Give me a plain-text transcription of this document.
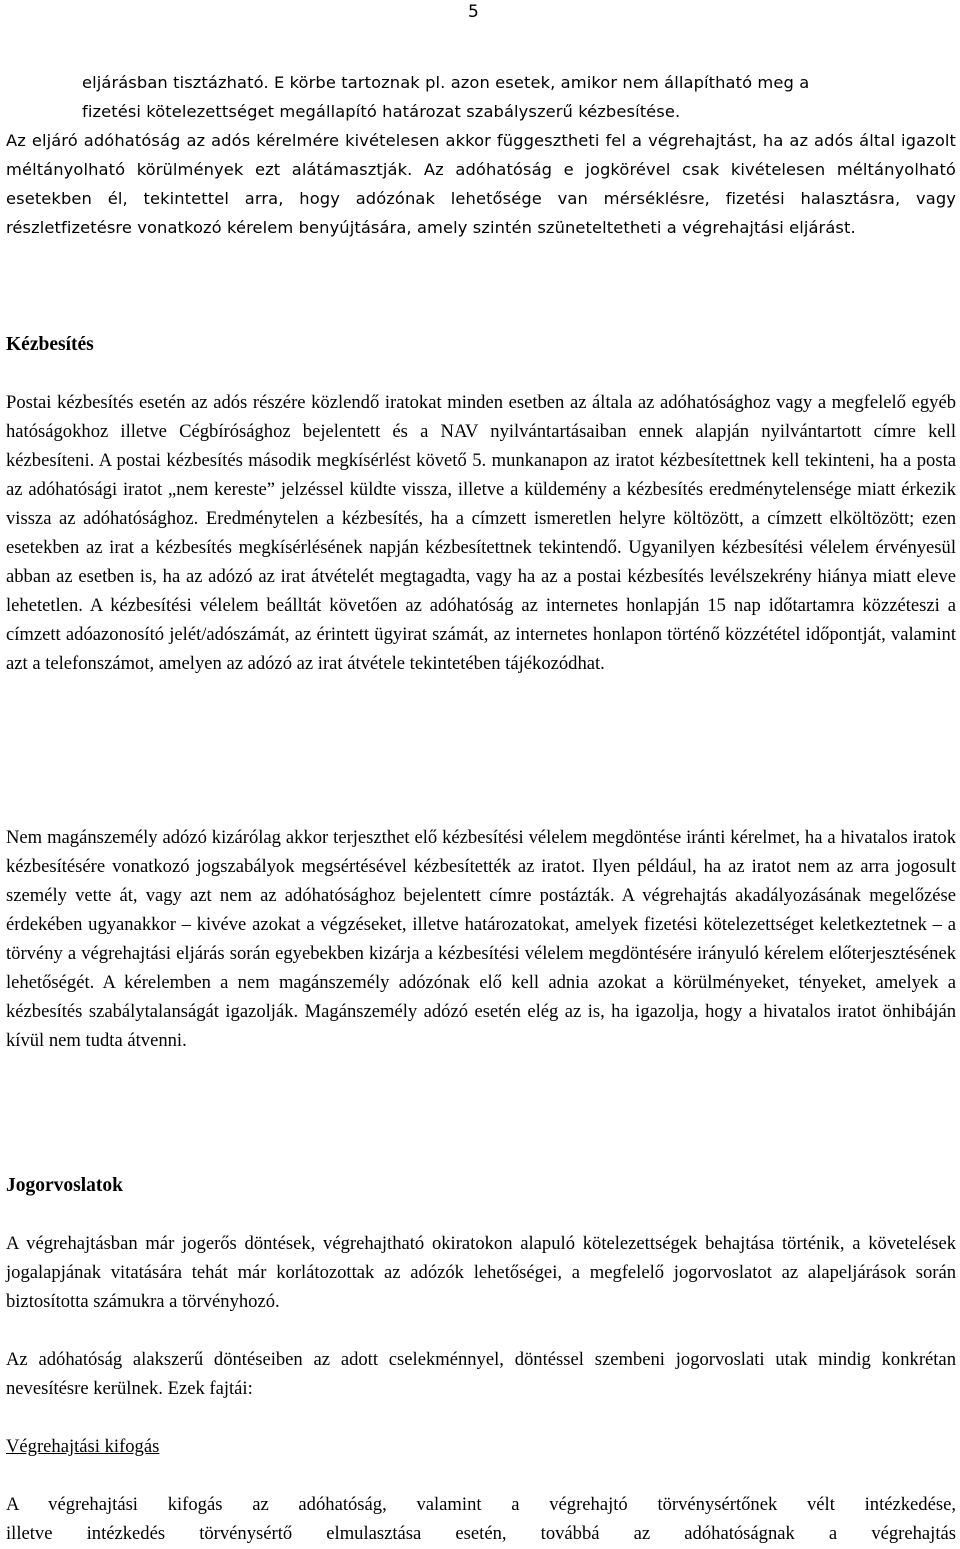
5
eljárásban tisztázható. E körbe tartoznak pl. azon esetek, amikor nem állapítható meg a
fizetési kötelezettséget megállapító határozat szabályszerű kézbesítése.

Az eljáró adóhatóság az adós kérelmére kivételesen akkor függesztheti fel a végrehajtást, ha az adós által igazolt méltányolható körülmények ezt alátámasztják. Az adóhatóság e jogkörével csak kivételesen méltányolható esetekben él, tekintettel arra, hogy adózónak lehetősége van mérséklésre, fizetési halasztásra, vagy részletfizetésre vonatkozó kérelem benyújtására, amely szintén szüneteltetheti a végrehajtási eljárást.

Kézbesítés

Postai kézbesítés esetén az adós részére közlendő iratokat minden esetben az általa az adóhatósághoz vagy a megfelelő egyéb hatóságokhoz illetve Cégbírósághoz bejelentett és a NAV nyilvántartásaiban ennek alapján nyilvántartott címre kell kézbesíteni. A postai kézbesítés második megkísérlést követő 5. munkanapon az iratot kézbesítettnek kell tekinteni, ha a posta az adóhatósági iratot „nem kereste” jelzéssel küldte vissza, illetve a küldemény a kézbesítés eredménytelensége miatt érkezik vissza az adóhatósághoz. Eredménytelen a kézbesítés, ha a címzett ismeretlen helyre költözött, a címzett elköltözött; ezen esetekben az irat a kézbesítés megkísérlésének napján kézbesítettnek tekintendő. Ugyanilyen kézbesítési vélelem érvényesül abban az esetben is, ha az adózó az irat átvételét megtagadta, vagy ha az a postai kézbesítés levélszekrény hiánya miatt eleve lehetetlen. A kézbesítési vélelem beálltát követően az adóhatóság az internetes honlapján 15 nap időtartamra közzéteszi a címzett adóazonosító jelét/adószámát, az érintett ügyirat számát, az internetes honlapon történő közzététel időpontját, valamint azt a telefonszámot, amelyen az adózó az irat átvétele tekintetében tájékozódhat.

Nem magánszemély adózó kizárólag akkor terjeszthet elő kézbesítési vélelem megdöntése iránti kérelmet, ha a hivatalos iratok kézbesítésére vonatkozó jogszabályok megsértésével kézbesítették az iratot. Ilyen például, ha az iratot nem az arra jogosult személy vette át, vagy azt nem az adóhatósághoz bejelentett címre postázták. A végrehajtás akadályozásának megelőzése érdekében ugyanakkor – kivéve azokat a végzéseket, illetve határozatokat, amelyek fizetési kötelezettséget keletkeztetnek – a törvény a végrehajtási eljárás során egyebekben kizárja a kézbesítési vélelem megdöntésére irányuló kérelem előterjesztésének lehetőségét. A kérelemben a nem magánszemély adózónak elő kell adnia azokat a körülményeket, tényeket, amelyek a kézbesítés szabálytalanságát igazolják. Magánszemély adózó esetén elég az is, ha igazolja, hogy a hivatalos iratot önhibáján kívül nem tudta átvenni.

Jogorvoslatok

A végrehajtásban már jogerős döntések, végrehajtható okiratokon alapuló kötelezettségek behajtása történik, a követelések jogalapjának vitatására tehát már korlátozottak az adózók lehetőségei, a megfelelő jogorvoslatot az alapeljárások során biztosította számukra a törvényhozó.

Az adóhatóság alakszerű döntéseiben az adott cselekménnyel, döntéssel szembeni jogorvoslati utak mindig konkrétan nevesítésre kerülnek. Ezek fajtái:

Végrehajtási kifogás
A végrehajtási kifogás az adóhatóság, valamint a végrehajtó törvénysértőnek vélt intézkedése,
illetve intézkedés törvénysértő elmulasztása esetén, továbbá az adóhatóságnak a végrehajtás
